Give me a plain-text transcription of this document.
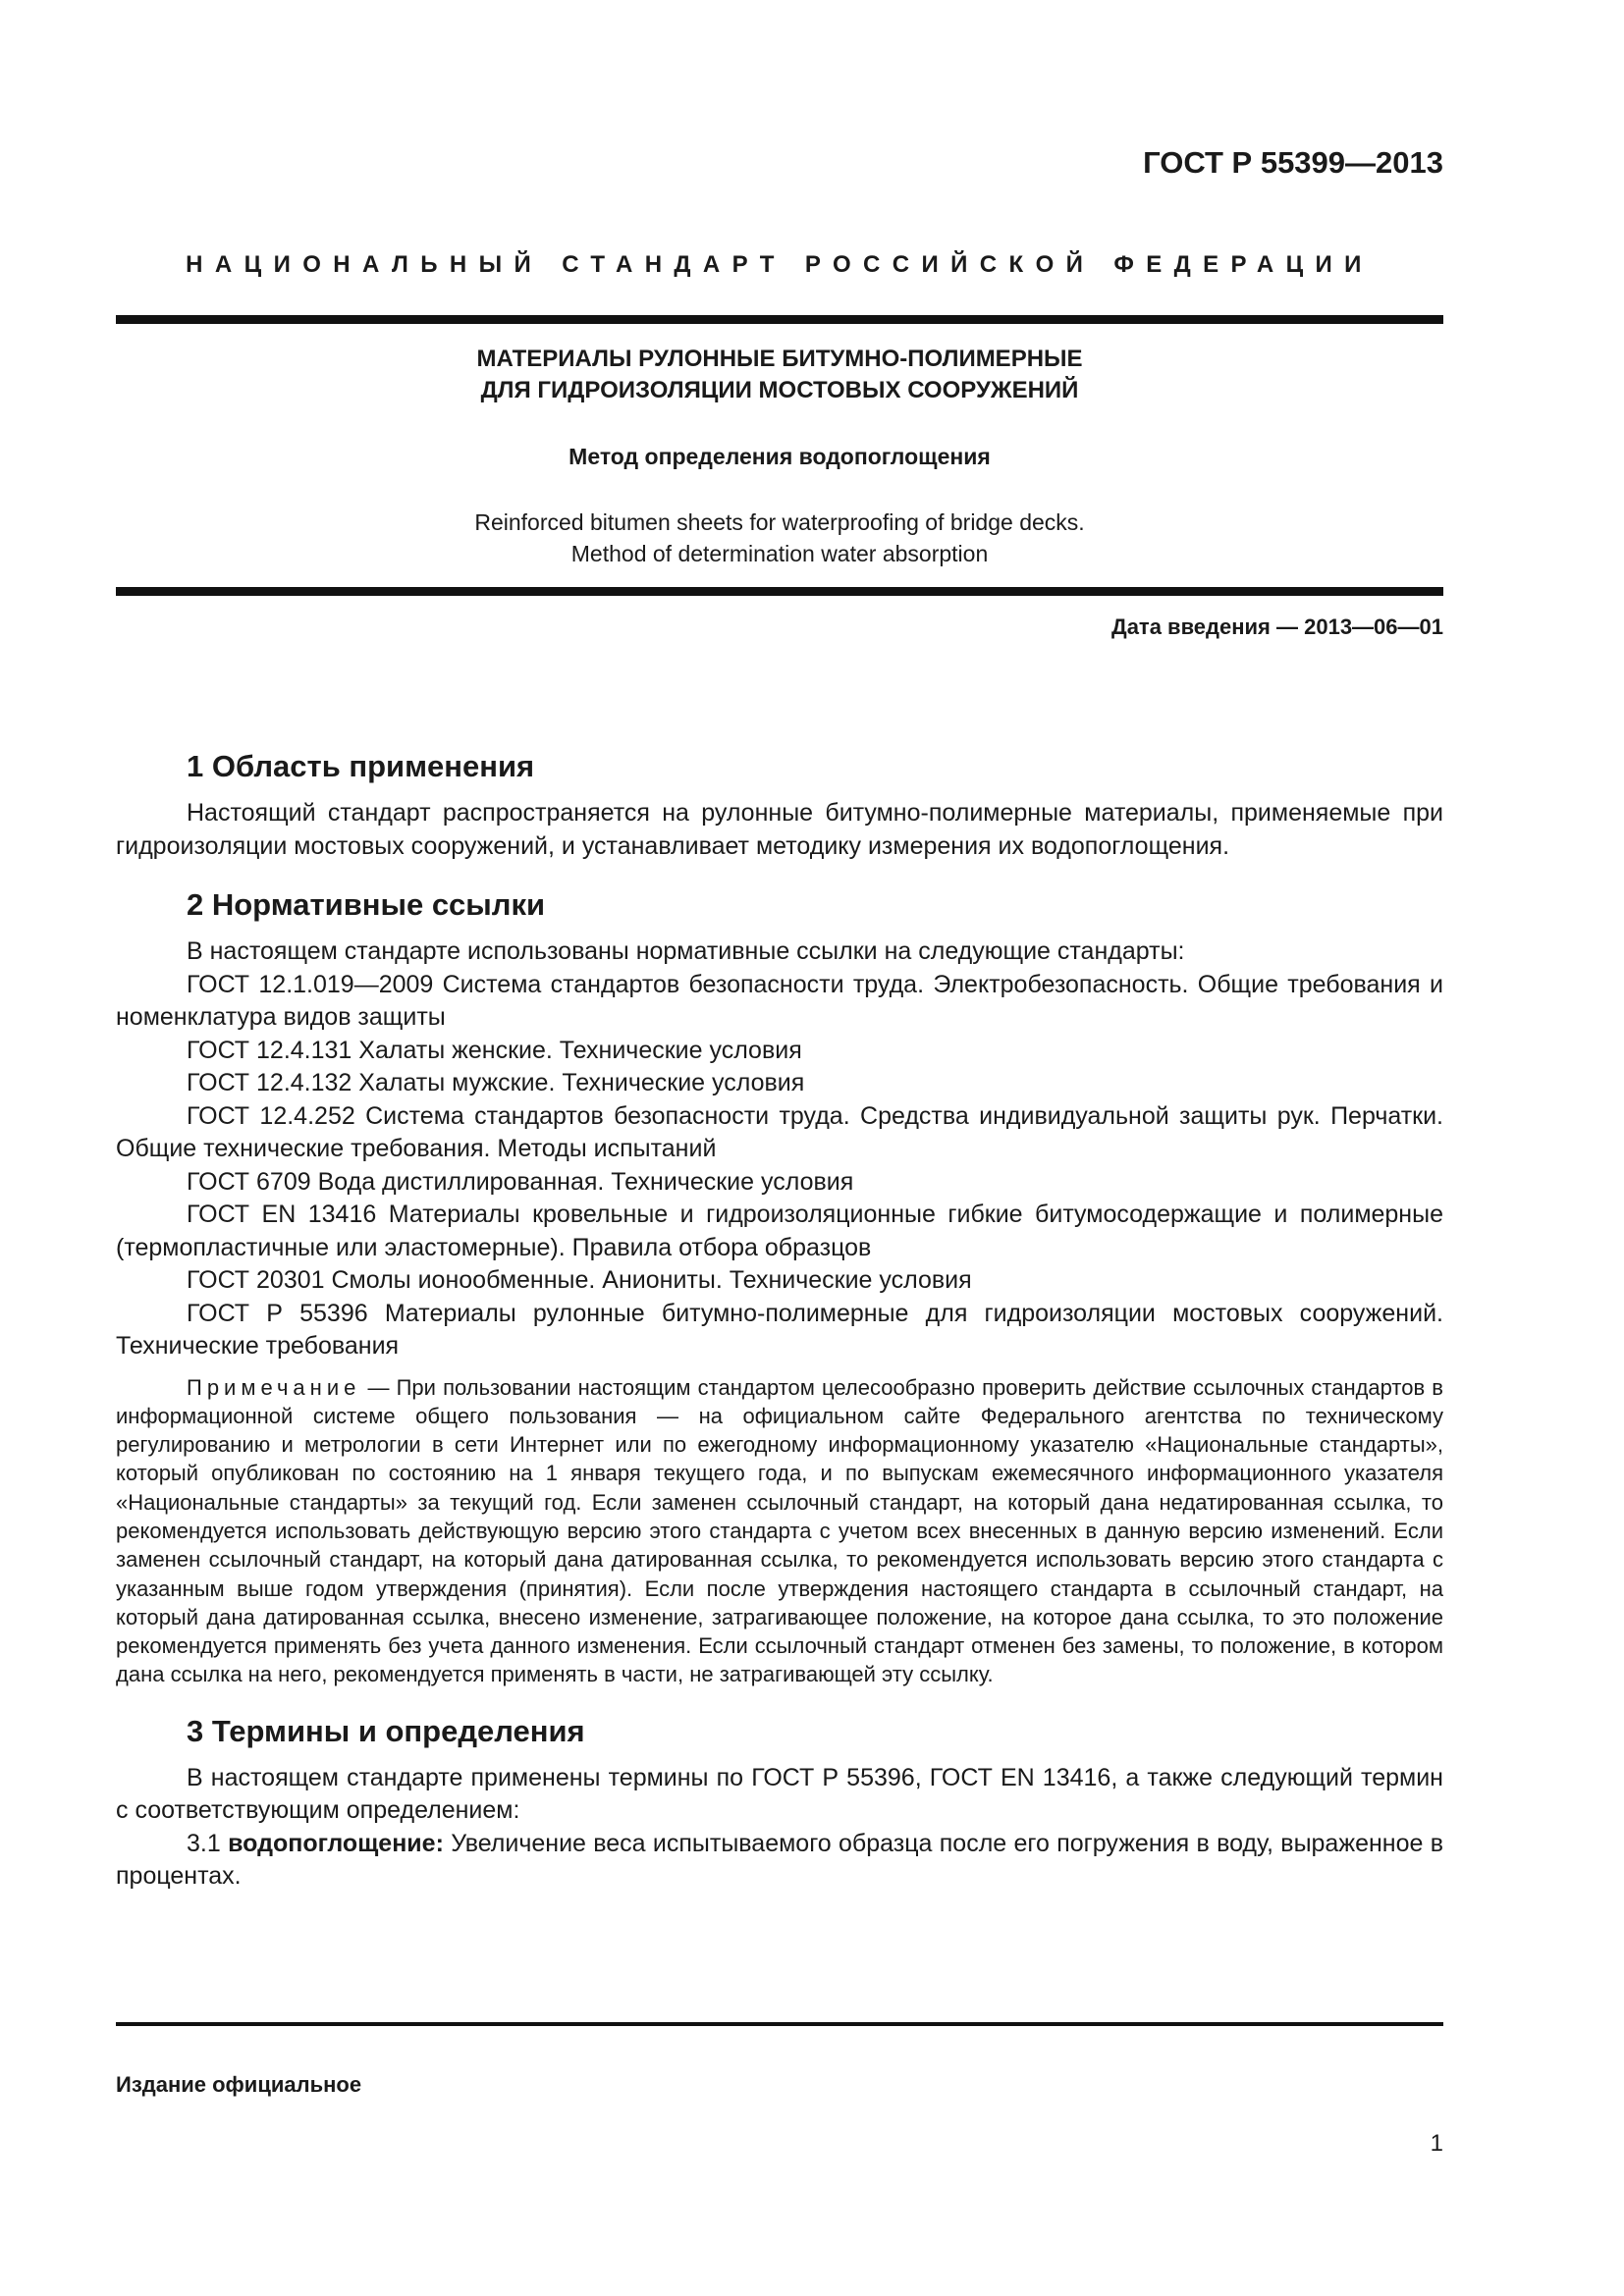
ГОСТ Р 55399—2013

НАЦИОНАЛЬНЫЙ СТАНДАРТ РОССИЙСКОЙ ФЕДЕРАЦИИ

МАТЕРИАЛЫ РУЛОННЫЕ БИТУМНО-ПОЛИМЕРНЫЕ
ДЛЯ ГИДРОИЗОЛЯЦИИ МОСТОВЫХ СООРУЖЕНИЙ

Метод определения водопоглощения

Reinforced bitumen sheets for waterproofing of bridge decks.
Method of determination water absorption

Дата введения — 2013—06—01

1 Область применения

Настоящий стандарт распространяется на рулонные битумно-полимерные материалы, применяемые при гидроизоляции мостовых сооружений, и устанавливает методику измерения их водопоглощения.

2 Нормативные ссылки

В настоящем стандарте использованы нормативные ссылки на следующие стандарты:

ГОСТ 12.1.019—2009 Система стандартов безопасности труда. Электробезопасность. Общие требования и номенклатура видов защиты

ГОСТ 12.4.131 Халаты женские. Технические условия

ГОСТ 12.4.132 Халаты мужские. Технические условия

ГОСТ 12.4.252 Система стандартов безопасности труда. Средства индивидуальной защиты рук. Перчатки. Общие технические требования. Методы испытаний

ГОСТ 6709 Вода дистиллированная. Технические условия

ГОСТ EN 13416 Материалы кровельные и гидроизоляционные гибкие битумосодержащие и полимерные (термопластичные или эластомерные). Правила отбора образцов

ГОСТ 20301 Смолы ионообменные. Аниониты. Технические условия

ГОСТ Р 55396 Материалы рулонные битумно-полимерные для гидроизоляции мостовых сооружений. Технические требования

Примечание — При пользовании настоящим стандартом целесообразно проверить действие ссылочных стандартов в информационной системе общего пользования — на официальном сайте Федерального агентства по техническому регулированию и метрологии в сети Интернет или по ежегодному информационному указателю «Национальные стандарты», который опубликован по состоянию на 1 января текущего года, и по выпускам ежемесячного информационного указателя «Национальные стандарты» за текущий год. Если заменен ссылочный стандарт, на который дана недатированная ссылка, то рекомендуется использовать действующую версию этого стандарта с учетом всех внесенных в данную версию изменений. Если заменен ссылочный стандарт, на который дана датированная ссылка, то рекомендуется использовать версию этого стандарта с указанным выше годом утверждения (принятия). Если после утверждения настоящего стандарта в ссылочный стандарт, на который дана датированная ссылка, внесено изменение, затрагивающее положение, на которое дана ссылка, то это положение рекомендуется применять без учета данного изменения. Если ссылочный стандарт отменен без замены, то положение, в котором дана ссылка на него, рекомендуется применять в части, не затрагивающей эту ссылку.

3 Термины и определения

В настоящем стандарте применены термины по ГОСТ Р 55396, ГОСТ EN 13416, а также следующий термин с соответствующим определением:

3.1 водопоглощение: Увеличение веса испытываемого образца после его погружения в воду, выраженное в процентах.

Издание официальное

1
